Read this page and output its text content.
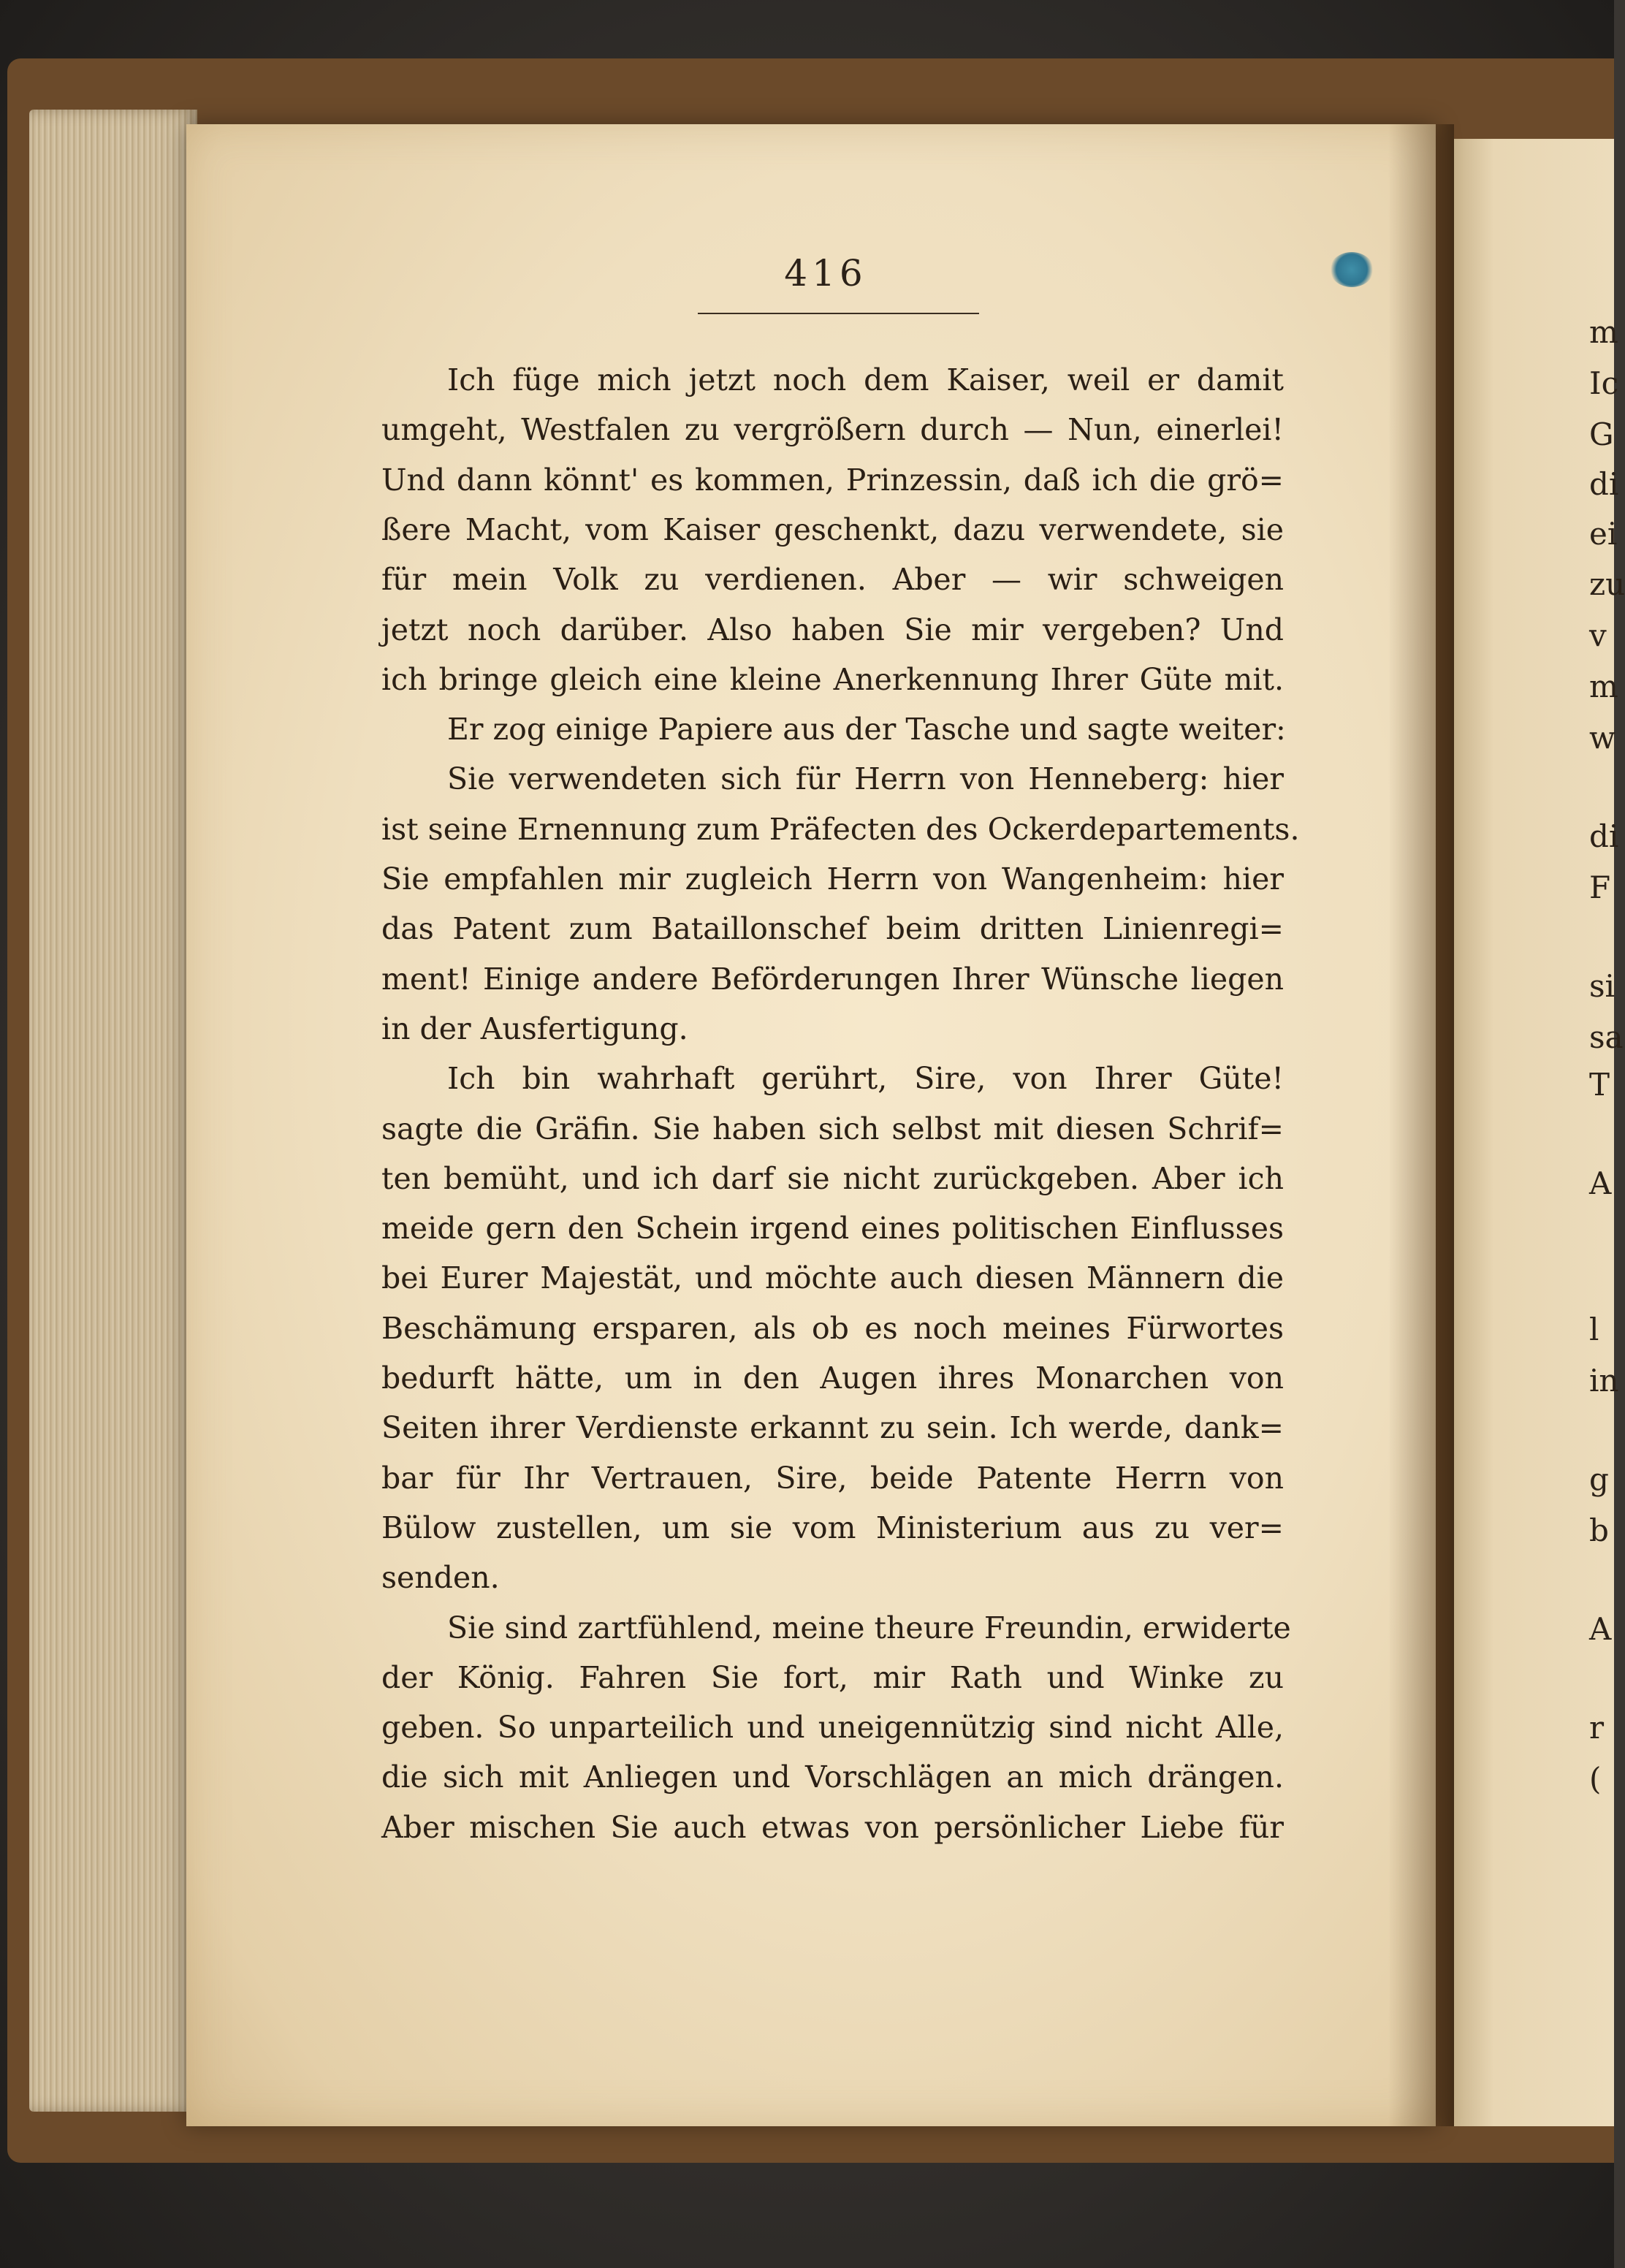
416
Ich füge mich jetzt noch dem Kaiser, weil er damit
umgeht, Westfalen zu vergrößern durch — Nun, einerlei!
Und dann könnt' es kommen, Prinzessin, daß ich die grö=
ßere Macht, vom Kaiser geschenkt, dazu verwendete, sie
für mein Volk zu verdienen. Aber — wir schweigen
jetzt noch darüber. Also haben Sie mir vergeben? Und
ich bringe gleich eine kleine Anerkennung Ihrer Güte mit.
Er zog einige Papiere aus der Tasche und sagte weiter:
Sie verwendeten sich für Herrn von Henneberg: hier
ist seine Ernennung zum Präfecten des Ockerdepartements.
Sie empfahlen mir zugleich Herrn von Wangenheim: hier
das Patent zum Bataillonschef beim dritten Linienregi=
ment! Einige andere Beförderungen Ihrer Wünsche liegen
in der Ausfertigung.
Ich bin wahrhaft gerührt, Sire, von Ihrer Güte!
sagte die Gräfin. Sie haben sich selbst mit diesen Schrif=
ten bemüht, und ich darf sie nicht zurückgeben. Aber ich
meide gern den Schein irgend eines politischen Einflusses
bei Eurer Majestät, und möchte auch diesen Männern die
Beschämung ersparen, als ob es noch meines Fürwortes
bedurft hätte, um in den Augen ihres Monarchen von
Seiten ihrer Verdienste erkannt zu sein. Ich werde, dank=
bar für Ihr Vertrauen, Sire, beide Patente Herrn von
Bülow zustellen, um sie vom Ministerium aus zu ver=
senden.
Sie sind zartfühlend, meine theure Freundin, erwiderte
der König. Fahren Sie fort, mir Rath und Winke zu
geben. So unparteilich und uneigennützig sind nicht Alle,
die sich mit Anliegen und Vorschlägen an mich drängen.
Aber mischen Sie auch etwas von persönlicher Liebe für
m
Ic
G
di
ei
zu
v
m
w
di
F
si
sa
T
A
l
in
g
b
A
r
(
